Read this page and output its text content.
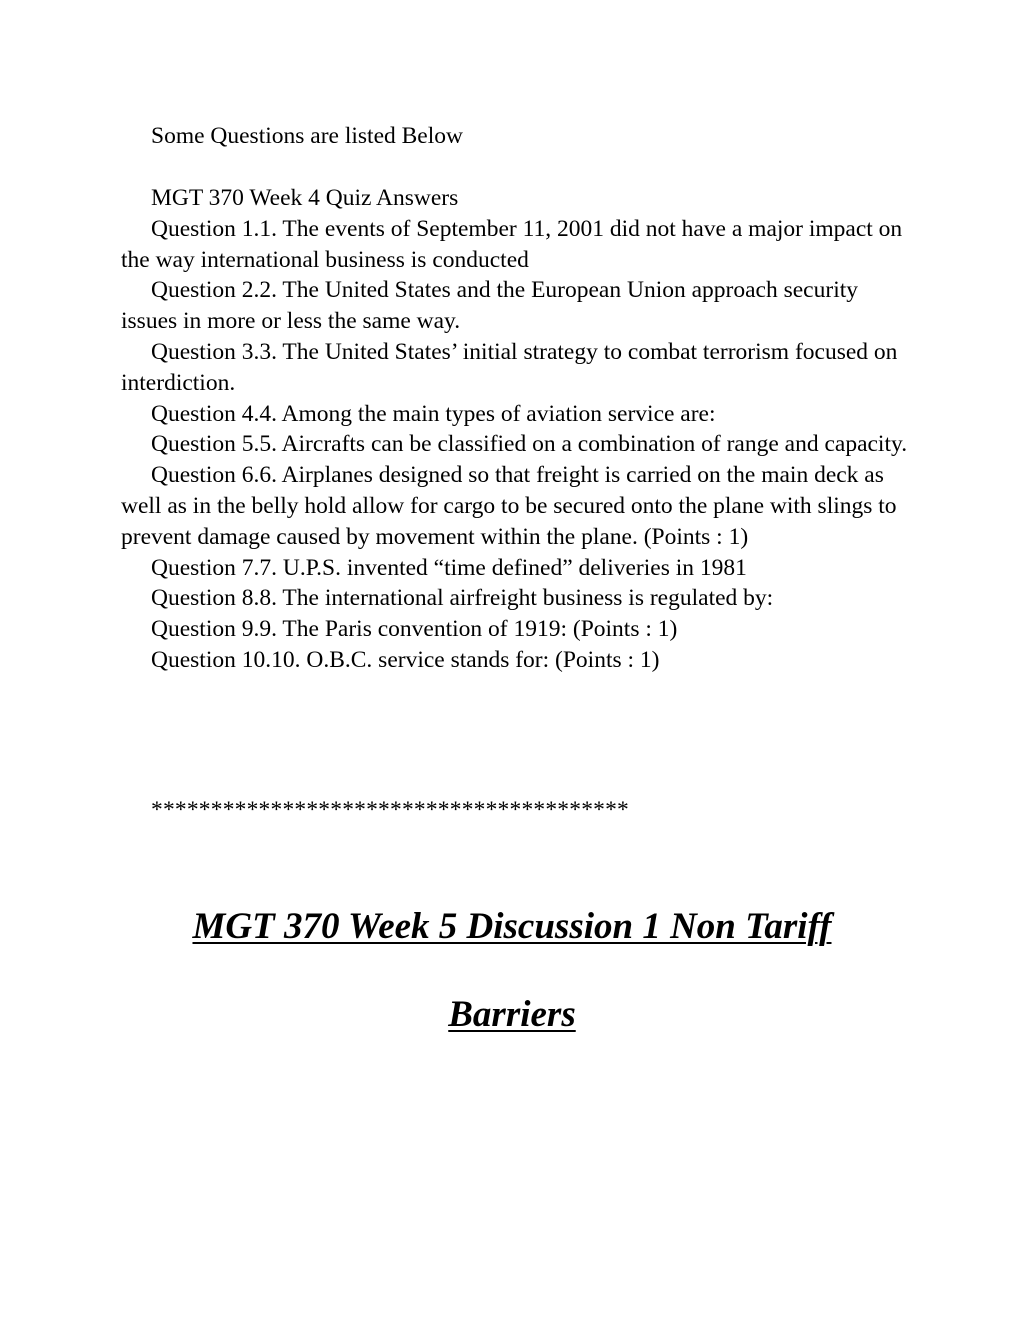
Some Questions are listed Below

MGT 370 Week 4 Quiz Answers

Question 1.1. The events of September 11, 2001 did not have a major impact on the way international business is conducted

Question 2.2. The United States and the European Union approach security issues in more or less the same way.

Question 3.3. The United States’ initial strategy to combat terrorism focused on interdiction.

Question 4.4. Among the main types of aviation service are:

Question 5.5. Aircrafts can be classified on a combination of range and capacity.

Question 6.6. Airplanes designed so that freight is carried on the main deck as well as in the belly hold allow for cargo to be secured onto the plane with slings to prevent damage caused by movement within the plane. (Points : 1)

Question 7.7. U.P.S. invented “time defined” deliveries in 1981

Question 8.8. The international airfreight business is regulated by:

Question 9.9. The Paris convention of 1919: (Points : 1)

Question 10.10. O.B.C. service stands for: (Points : 1)

****************************************
MGT 370 Week 5 Discussion 1 Non Tariff
Barriers
